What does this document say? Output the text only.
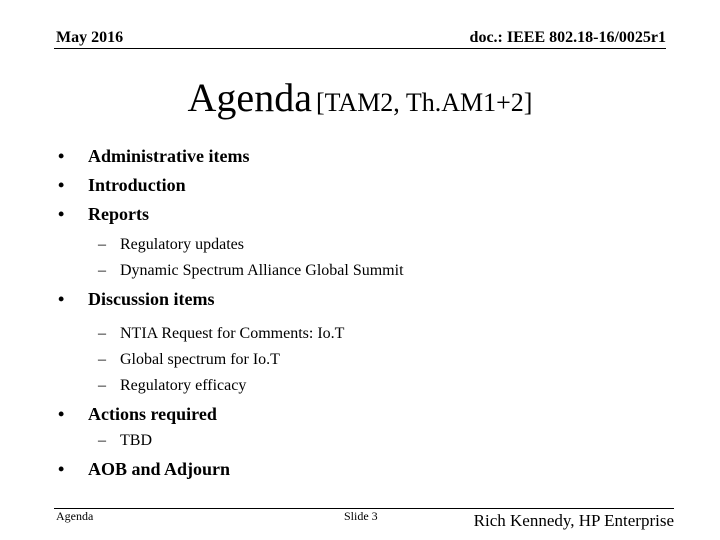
May 2016	doc.: IEEE 802.18-16/0025r1
Agenda [TAM2, Th.AM1+2]
• Administrative items
• Introduction
• Reports
– Regulatory updates
– Dynamic Spectrum Alliance Global Summit
• Discussion items
– NTIA Request for Comments: Io.T
– Global spectrum for Io.T
– Regulatory efficacy
• Actions required
– TBD
• AOB and Adjourn
Agenda	Slide 3	Rich Kennedy, HP Enterprise
